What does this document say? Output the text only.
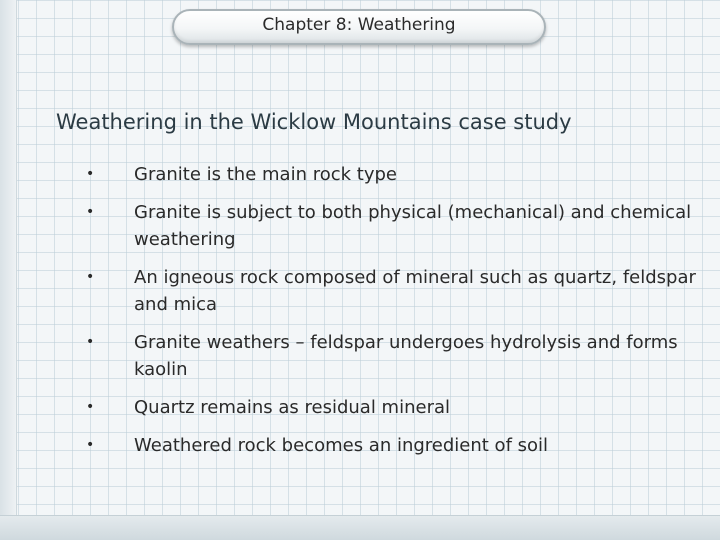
Chapter 8: Weathering
Weathering in the Wicklow Mountains case study
• Granite is the main rock type
• Granite is subject to both physical (mechanical) and chemical weathering
• An igneous rock composed of mineral such as quartz, feldspar and mica
• Granite weathers – feldspar undergoes hydrolysis and forms kaolin
• Quartz remains as residual mineral
• Weathered rock becomes an ingredient of soil
